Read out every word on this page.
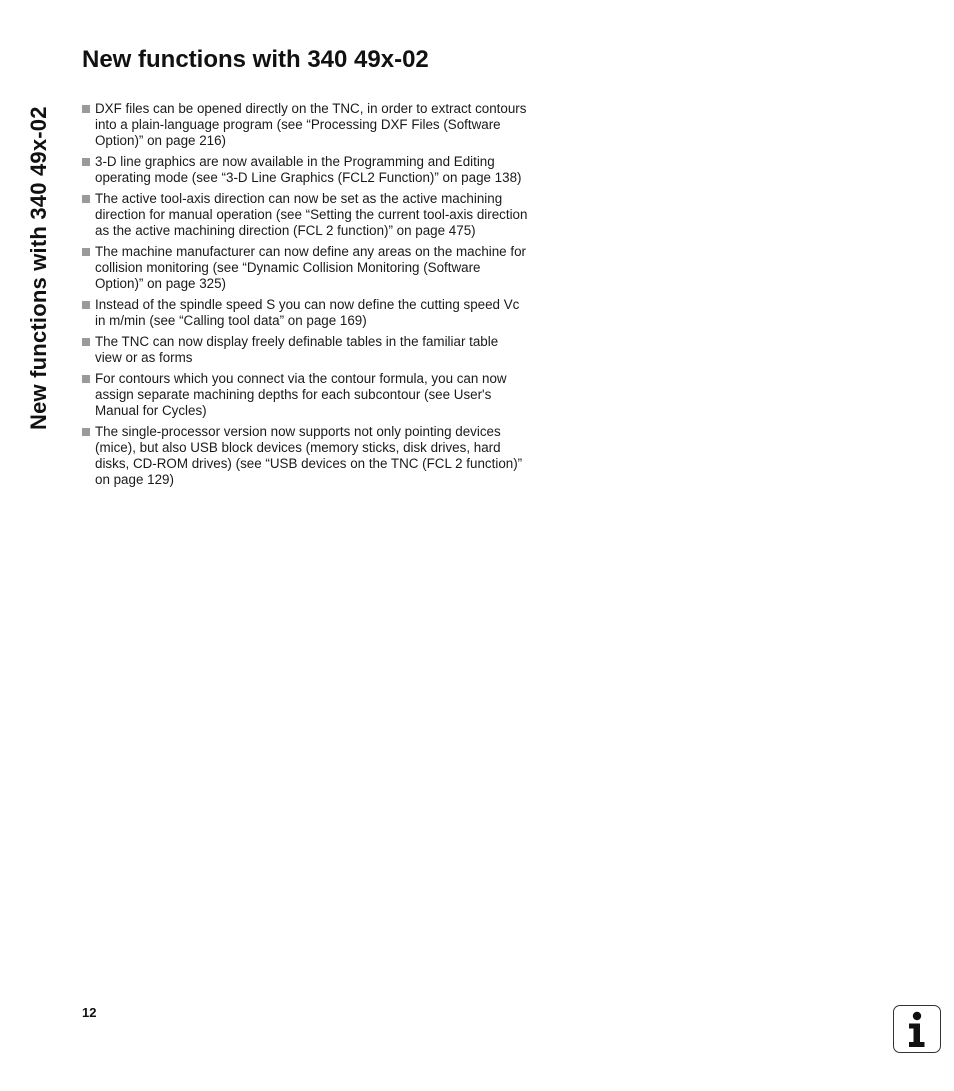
New functions with 340 49x-02
New functions with 340 49x-02
DXF files can be opened directly on the TNC, in order to extract contours into a plain-language program (see “Processing DXF Files (Software Option)” on page 216)
3-D line graphics are now available in the Programming and Editing operating mode (see “3-D Line Graphics (FCL2 Function)” on page 138)
The active tool-axis direction can now be set as the active machining direction for manual operation (see “Setting the current tool-axis direction as the active machining direction (FCL 2 function)” on page 475)
The machine manufacturer can now define any areas on the machine for collision monitoring (see “Dynamic Collision Monitoring (Software Option)” on page 325)
Instead of the spindle speed S you can now define the cutting speed Vc in m/min (see “Calling tool data” on page 169)
The TNC can now display freely definable tables in the familiar table view or as forms
For contours which you connect via the contour formula, you can now assign separate machining depths for each subcontour (see User's Manual for Cycles)
The single-processor version now supports not only pointing devices (mice), but also USB block devices (memory sticks, disk drives, hard disks, CD-ROM drives) (see “USB devices on the TNC (FCL 2 function)” on page 129)
12
